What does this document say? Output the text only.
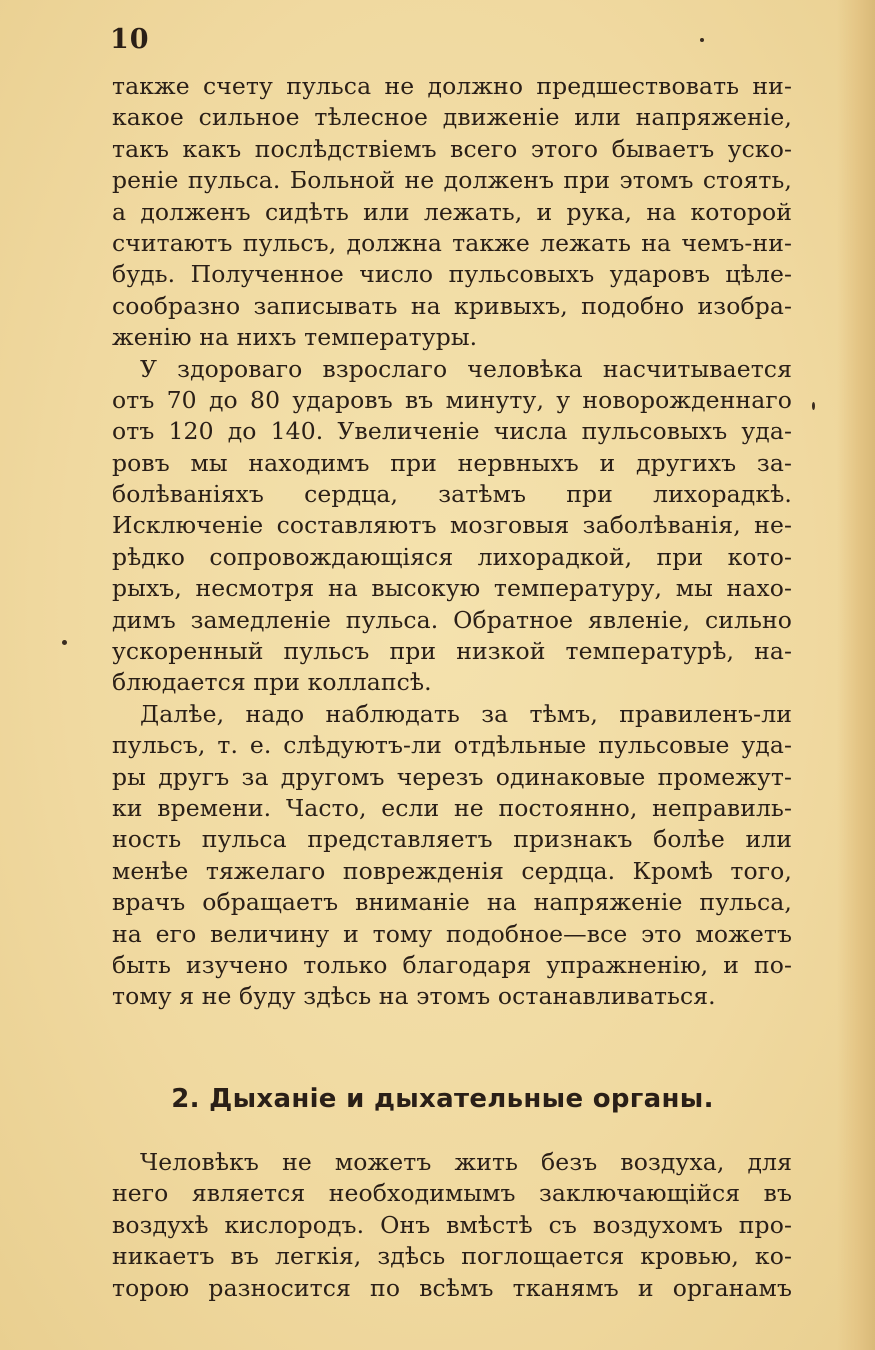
10
также счету пульса не должно предшествовать ни-
какое сильное тѣлесное движеніе или напряженіе,
такъ какъ послѣдствіемъ всего этого бываетъ уско-
реніе пульса. Больной не долженъ при этомъ стоять,
а долженъ сидѣть или лежать, и рука, на которой
считаютъ пульсъ, должна также лежать на чемъ-ни-
будь. Полученное число пульсовыхъ ударовъ цѣле-
сообразно записывать на кривыхъ, подобно изобра-
женію на нихъ температуры.
У здороваго взрослаго человѣка насчитывается
отъ 70 до 80 ударовъ въ минуту, у новорожденнаго
отъ 120 до 140. Увеличеніе числа пульсовыхъ уда-
ровъ мы находимъ при нервныхъ и другихъ за-
болѣваніяхъ сердца, затѣмъ при лихорадкѣ.
Исключеніе составляютъ мозговыя заболѣванія, не-
рѣдко сопровождающіяся лихорадкой, при кото-
рыхъ, несмотря на высокую температуру, мы нахо-
димъ замедленіе пульса. Обратное явленіе, сильно
ускоренный пульсъ при низкой температурѣ, на-
блюдается при коллапсѣ.
Далѣе, надо наблюдать за тѣмъ, правиленъ-ли
пульсъ, т. е. слѣдуютъ-ли отдѣльные пульсовые уда-
ры другъ за другомъ черезъ одинаковые промежут-
ки времени. Часто, если не постоянно, неправиль-
ность пульса представляетъ признакъ болѣе или
менѣе тяжелаго поврежденія сердца. Кромѣ того,
врачъ обращаетъ вниманіе на напряженіе пульса,
на его величину и тому подобное—все это можетъ
быть изучено только благодаря упражненію, и по-
тому я не буду здѣсь на этомъ останавливаться.
2. Дыханіе и дыхательные органы.
Человѣкъ не можетъ жить безъ воздуха, для
него является необходимымъ заключающійся въ
воздухѣ кислородъ. Онъ вмѣстѣ съ воздухомъ про-
никаетъ въ легкія, здѣсь поглощается кровью, ко-
торою разносится по всѣмъ тканямъ и органамъ
